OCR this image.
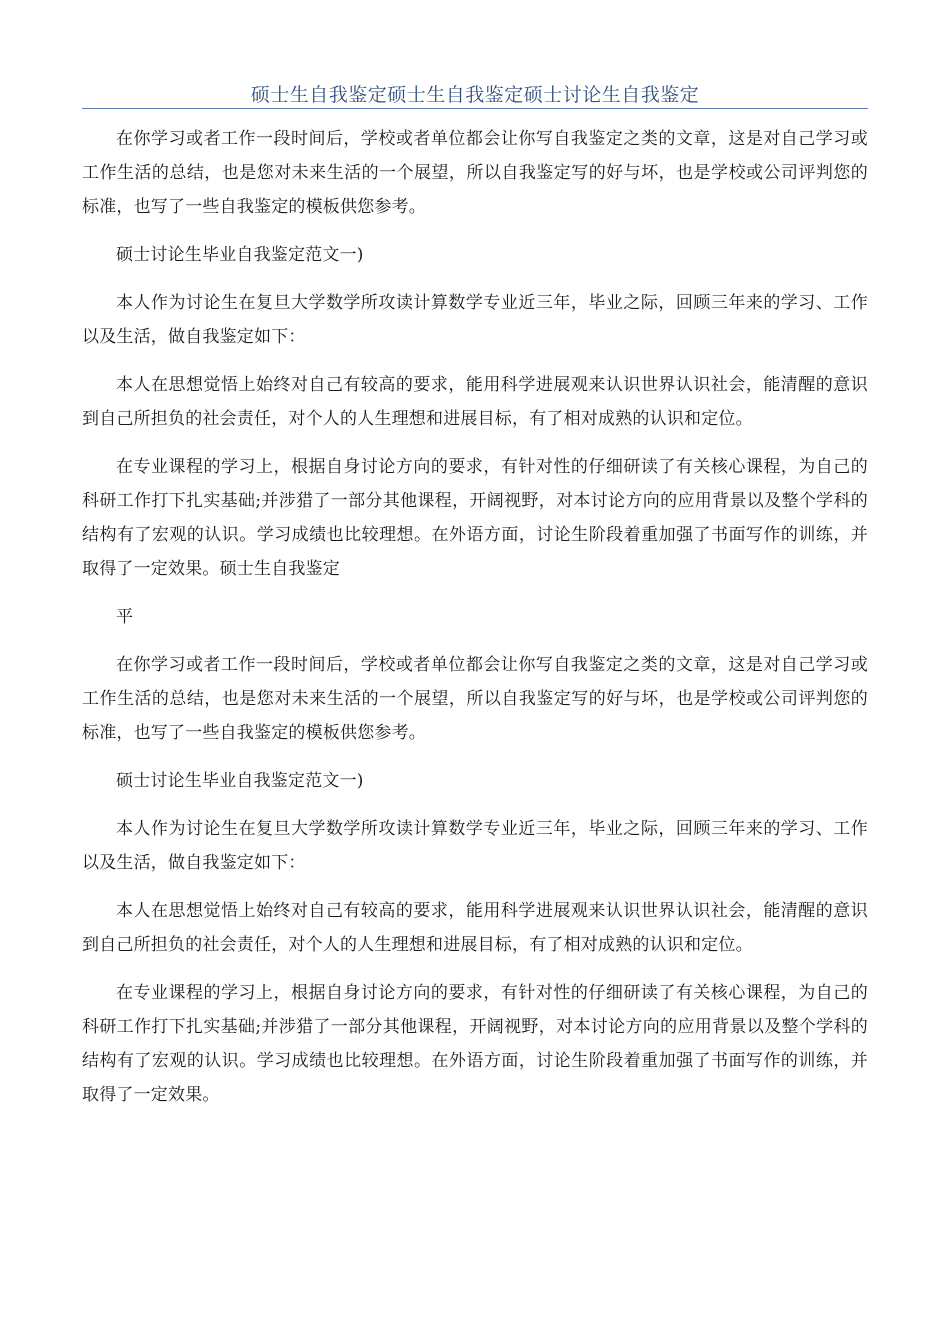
硕士生自我鉴定硕士生自我鉴定硕士讨论生自我鉴定

在你学习或者工作一段时间后，学校或者单位都会让你写自我鉴定之类的文章，这是对自己学习或工作生活的总结，也是您对未来生活的一个展望，所以自我鉴定写的好与坏，也是学校或公司评判您的标准，也写了一些自我鉴定的模板供您参考。

硕士讨论生毕业自我鉴定范文一)

本人作为讨论生在复旦大学数学所攻读计算数学专业近三年，毕业之际，回顾三年来的学习、工作以及生活，做自我鉴定如下：

本人在思想觉悟上始终对自己有较高的要求，能用科学进展观来认识世界认识社会，能清醒的意识到自己所担负的社会责任，对个人的人生理想和进展目标，有了相对成熟的认识和定位。

在专业课程的学习上，根据自身讨论方向的要求，有针对性的仔细研读了有关核心课程，为自己的科研工作打下扎实基础;并涉猎了一部分其他课程，开阔视野，对本讨论方向的应用背景以及整个学科的结构有了宏观的认识。学习成绩也比较理想。在外语方面，讨论生阶段着重加强了书面写作的训练，并取得了一定效果。硕士生自我鉴定

平

在你学习或者工作一段时间后，学校或者单位都会让你写自我鉴定之类的文章，这是对自己学习或工作生活的总结，也是您对未来生活的一个展望，所以自我鉴定写的好与坏，也是学校或公司评判您的标准，也写了一些自我鉴定的模板供您参考。

硕士讨论生毕业自我鉴定范文一)

本人作为讨论生在复旦大学数学所攻读计算数学专业近三年，毕业之际，回顾三年来的学习、工作以及生活，做自我鉴定如下：

本人在思想觉悟上始终对自己有较高的要求，能用科学进展观来认识世界认识社会，能清醒的意识到自己所担负的社会责任，对个人的人生理想和进展目标，有了相对成熟的认识和定位。

在专业课程的学习上，根据自身讨论方向的要求，有针对性的仔细研读了有关核心课程，为自己的科研工作打下扎实基础;并涉猎了一部分其他课程，开阔视野，对本讨论方向的应用背景以及整个学科的结构有了宏观的认识。学习成绩也比较理想。在外语方面，讨论生阶段着重加强了书面写作的训练，并取得了一定效果。
